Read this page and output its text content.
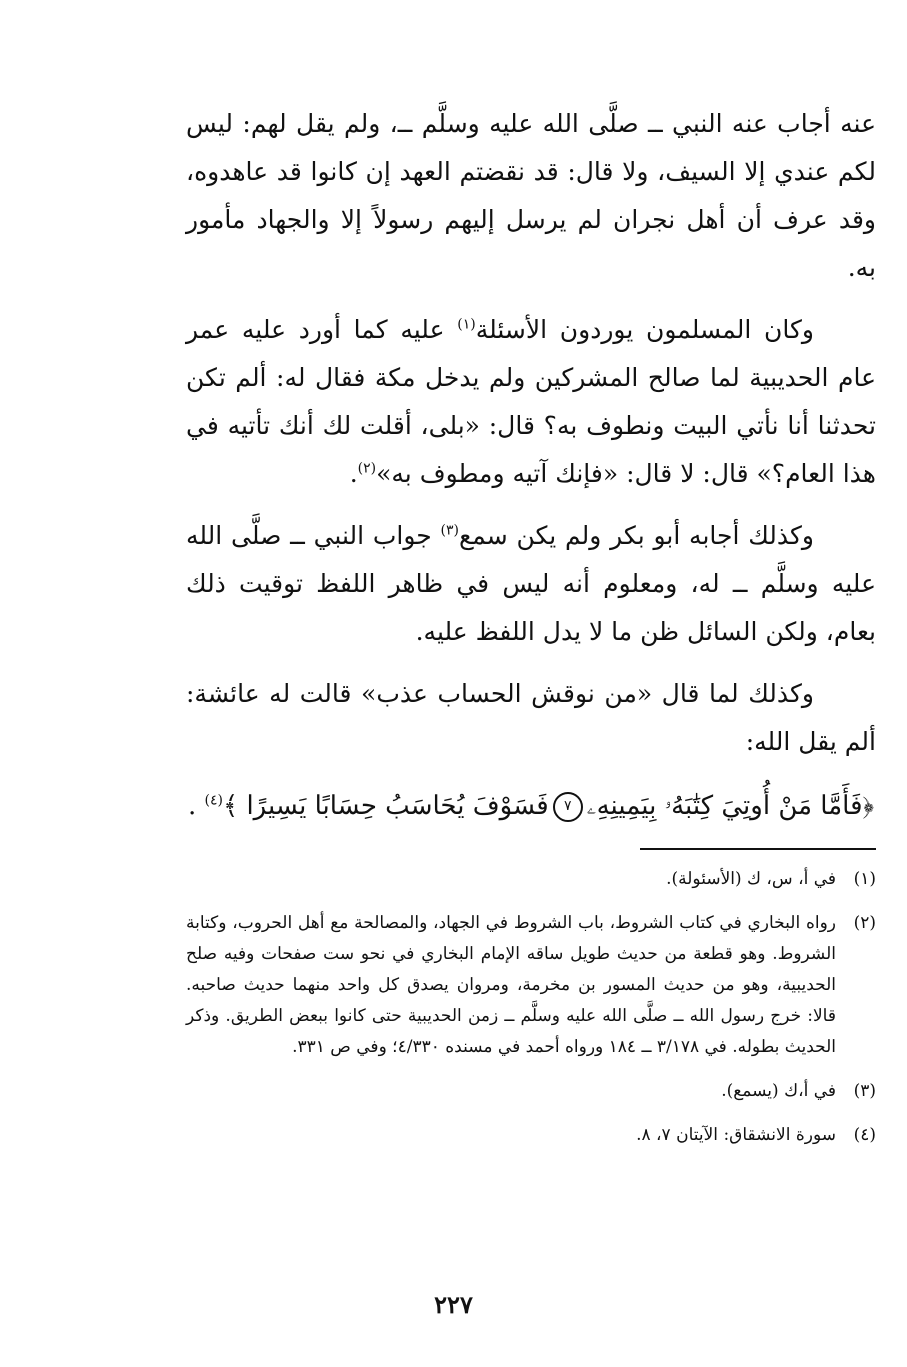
عنه أجاب عنه النبي ــ صلَّى الله عليه وسلَّم ــ، ولم يقل لهم: ليس لكم عندي إلا السيف، ولا قال: قد نقضتم العهد إن كانوا قد عاهدوه، وقد عرف أن أهل نجران لم يرسل إليهم رسولاً إلا والجهاد مأمور به.

وكان المسلمون يوردون الأسئلة$^{(١)}$ عليه كما أورد عليه عمر عام الحديبية لما صالح المشركين ولم يدخل مكة فقال له: ألم تكن تحدثنا أنا نأتي البيت ونطوف به؟ قال: «بلى، أقلت لك أنك تأتيه في هذا العام؟» قال: لا قال: «فإنك آتيه ومطوف به»$^{(٢)}$.

وكذلك أجابه أبو بكر ولم يكن سمع$^{(٣)}$ جواب النبي ــ صلَّى الله عليه وسلَّم ــ له، ومعلوم أنه ليس في ظاهر اللفظ توقيت ذلك بعام، ولكن السائل ظن ما لا يدل اللفظ عليه.

وكذلك لما قال «من نوقش الحساب عذب» قالت له عائشة: ألم يقل الله:

﴿فَأَمَّا مَنْ أُوتِيَ كِتَٰبَهُۥ بِيَمِينِهِۦ٧فَسَوْفَ يُحَاسَبُ حِسَابًا يَسِيرًا ﴾$^{(٤)}$ .

(١)
في أ، س، ك (الأسئولة).
(٢)
رواه البخاري في كتاب الشروط، باب الشروط في الجهاد، والمصالحة مع أهل الحروب، وكتابة الشروط. وهو قطعة من حديث طويل ساقه الإمام البخاري في نحو ست صفحات وفيه صلح الحديبية، وهو من حديث المسور بن مخرمة، ومروان يصدق كل واحد منهما حديث صاحبه. قالا: خرج رسول الله ــ صلَّى الله عليه وسلَّم ــ زمن الحديبية حتى كانوا ببعض الطريق. وذكر الحديث بطوله. في ٣/١٧٨ ــ ١٨٤ ورواه أحمد في مسنده ٤/٣٣٠؛ وفي ص ٣٣١.
(٣)
في أ،ك (يسمع).
(٤)
سورة الانشقاق: الآيتان ٧، ٨.
٢٢٧
